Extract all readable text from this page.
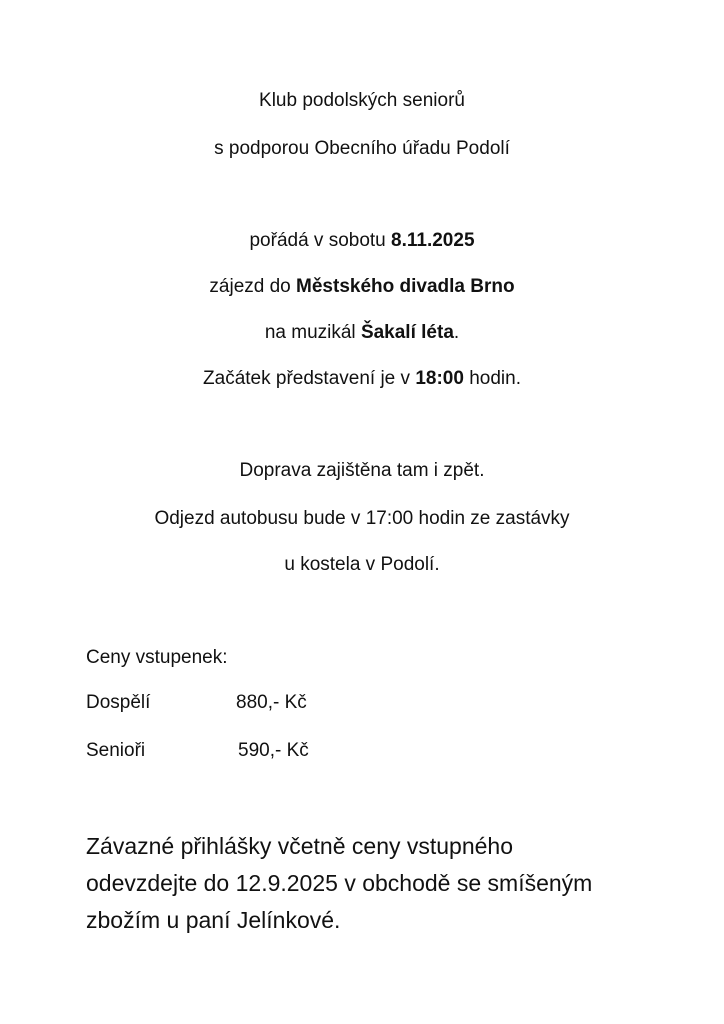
Klub podolských seniorů
s podporou Obecního úřadu Podolí
pořádá v sobotu 8.11.2025
zájezd do Městského divadla Brno
na muzikál Šakalí léta.
Začátek představení je v 18:00 hodin.
Doprava zajištěna tam i zpět.
Odjezd autobusu bude v 17:00 hodin ze zastávky
u kostela v Podolí.
Ceny vstupenek:
Dospělí	880,- Kč
Senioři	590,- Kč
Závazné přihlášky včetně ceny vstupného
odevzdejte do 12.9.2025 v obchodě se smíšeným
zbožím u paní Jelínkové.
